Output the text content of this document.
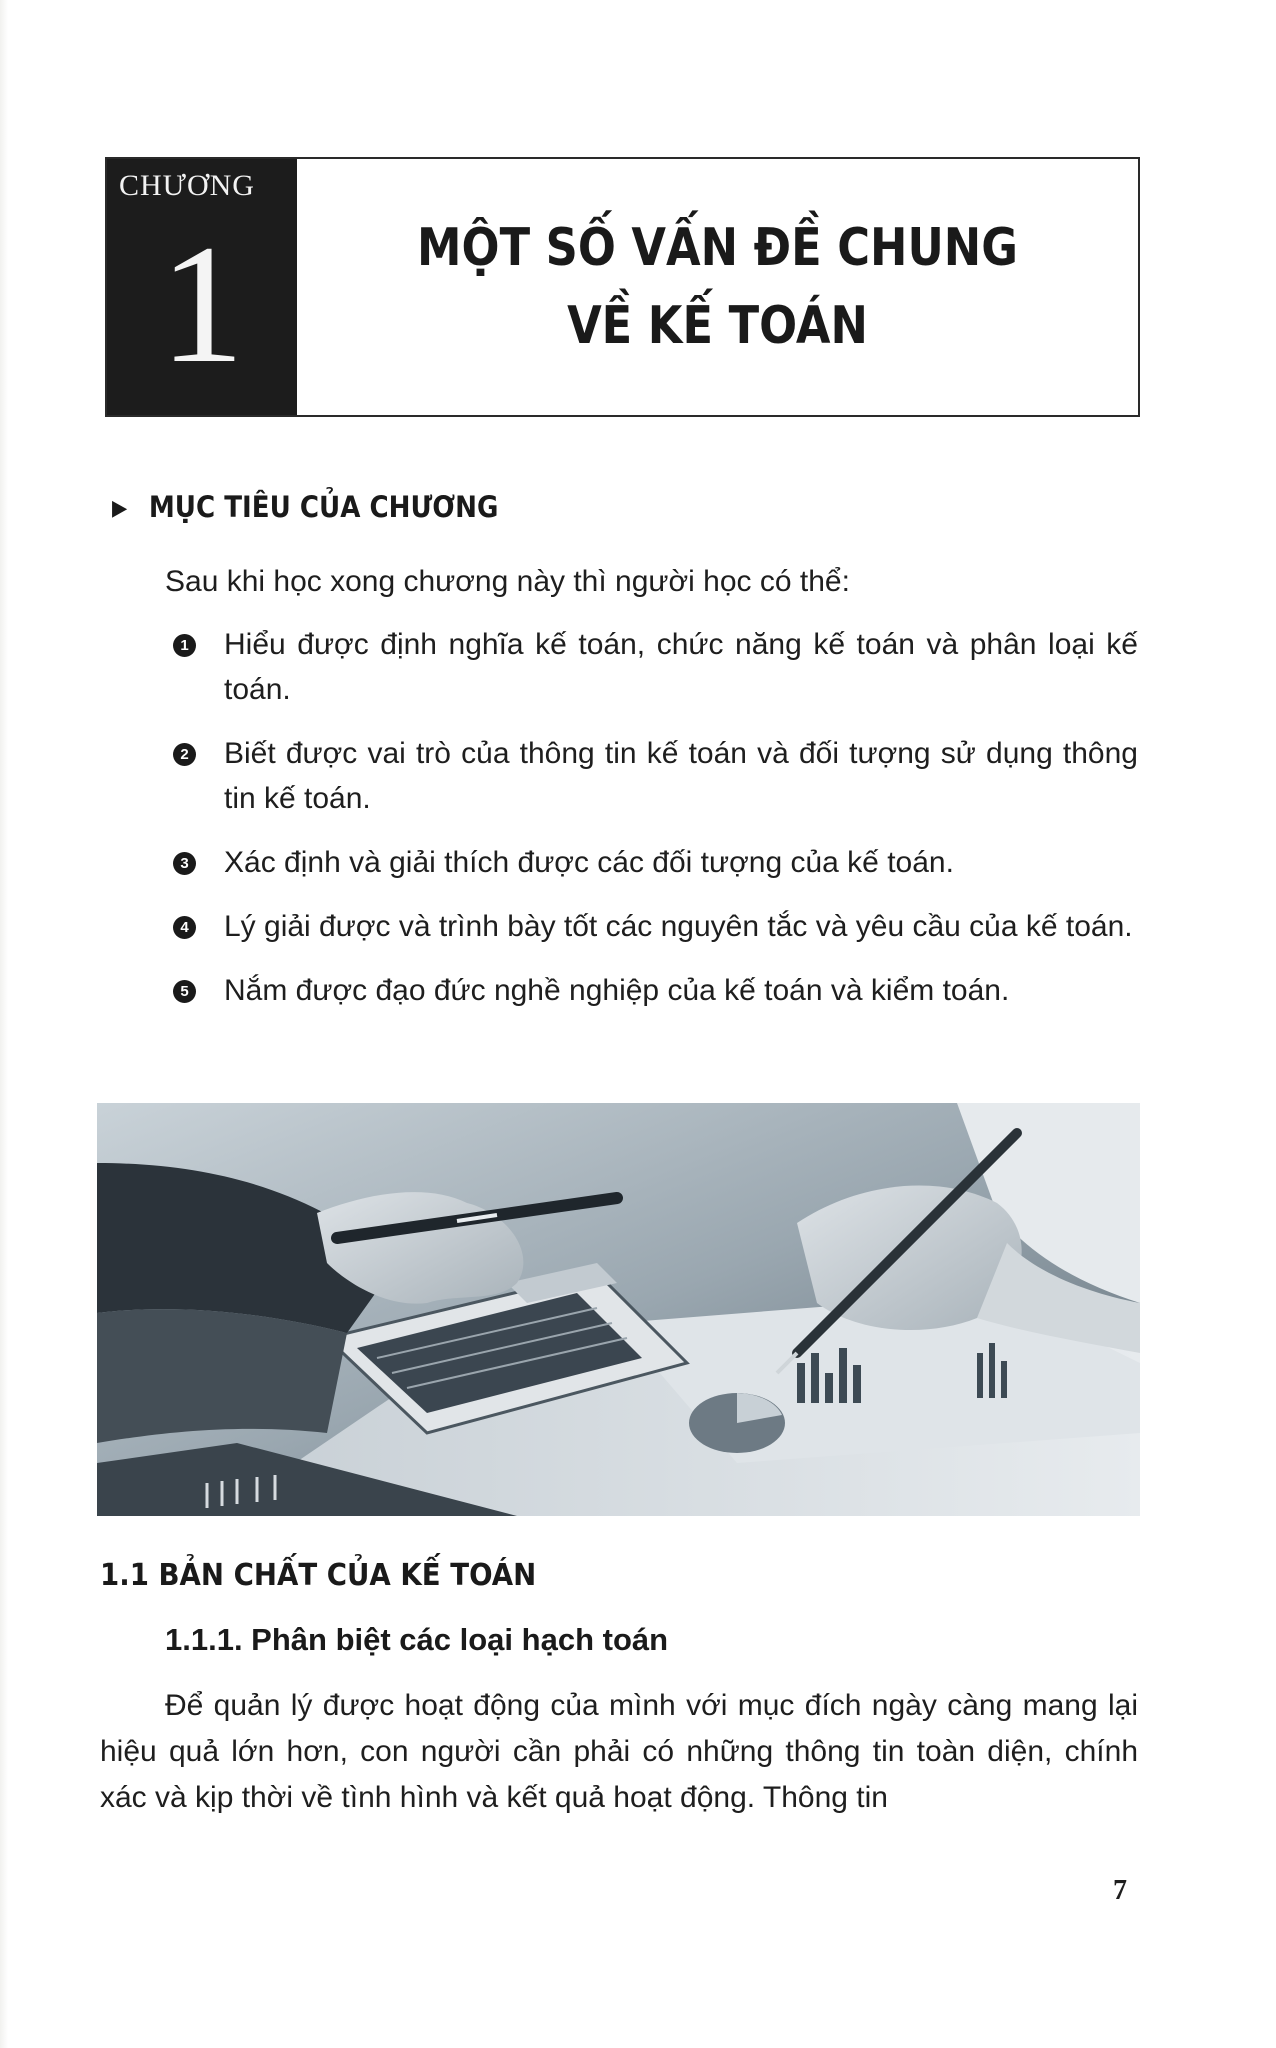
CHƯƠNG
1	MỘT SỐ VẤN ĐỀ CHUNG
VỀ KẾ TOÁN
▶ MỤC TIÊU CỦA CHƯƠNG
Sau khi học xong chương này thì người học có thể:
1 Hiểu được định nghĩa kế toán, chức năng kế toán và phân loại kế toán.
2 Biết được vai trò của thông tin kế toán và đối tượng sử dụng thông tin kế toán.
3 Xác định và giải thích được các đối tượng của kế toán.
4 Lý giải được và trình bày tốt các nguyên tắc và yêu cầu của kế toán.
5 Nắm được đạo đức nghề nghiệp của kế toán và kiểm toán.
1.1 BẢN CHẤT CỦA KẾ TOÁN
1.1.1. Phân biệt các loại hạch toán
Để quản lý được hoạt động của mình với mục đích ngày càng mang lại hiệu quả lớn hơn, con người cần phải có những thông tin toàn diện, chính xác và kịp thời về tình hình và kết quả hoạt động. Thông tin
7
